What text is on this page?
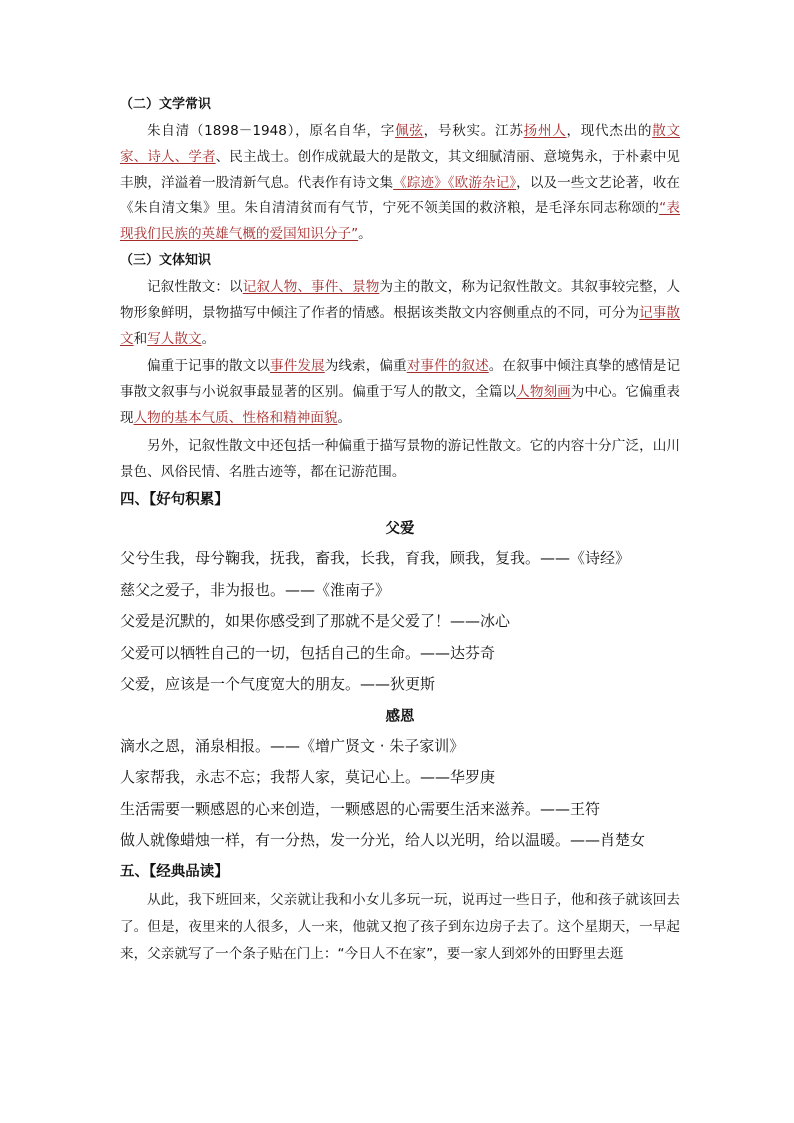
（二）文学常识
朱自清（1898－1948），原名自华，字佩弦，号秋实。江苏扬州人，现代杰出的散文家、诗人、学者、民主战士。创作成就最大的是散文，其文细腻清丽、意境隽永，于朴素中见丰腴，洋溢着一股清新气息。代表作有诗文集《踪迹》《欧游杂记》，以及一些文艺论著，收在《朱自清文集》里。朱自清清贫而有气节，宁死不领美国的救济粮，是毛泽东同志称颂的“表现我们民族的英雄气概的爱国知识分子”。
（三）文体知识
记叙性散文：以记叙人物、事件、景物为主的散文，称为记叙性散文。其叙事较完整，人物形象鲜明，景物描写中倾注了作者的情感。根据该类散文内容侧重点的不同，可分为记事散文和写人散文。
偏重于记事的散文以事件发展为线索，偏重对事件的叙述。在叙事中倾注真挚的感情是记事散文叙事与小说叙事最显著的区别。偏重于写人的散文，全篇以人物刻画为中心。它偏重表现人物的基本气质、性格和精神面貌。
另外，记叙性散文中还包括一种偏重于描写景物的游记性散文。它的内容十分广泛，山川景色、风俗民情、名胜古迹等，都在记游范围。
四、【好句积累】
父爱
父兮生我，母兮鞠我，抚我，畜我，长我，育我，顾我，复我。——《诗经》
慈父之爱子，非为报也。——《淮南子》
父爱是沉默的，如果你感受到了那就不是父爱了！——冰心
父爱可以牺牲自己的一切，包括自己的生命。——达芬奇
父爱，应该是一个气度宽大的朋友。——狄更斯
感恩
滴水之恩，涌泉相报。——《增广贤文 · 朱子家训》
人家帮我，永志不忘；我帮人家，莫记心上。——华罗庚
生活需要一颗感恩的心来创造，一颗感恩的心需要生活来滋养。——王符
做人就像蜡烛一样，有一分热，发一分光，给人以光明，给以温暖。——肖楚女
五、【经典品读】
从此，我下班回来，父亲就让我和小女儿多玩一玩，说再过一些日子，他和孩子就该回去了。但是，夜里来的人很多，人一来，他就又抱了孩子到东边房子去了。这个星期天，一早起来，父亲就写了一个条子贴在门上：“今日人不在家”，要一家人到郊外的田野里去逛
